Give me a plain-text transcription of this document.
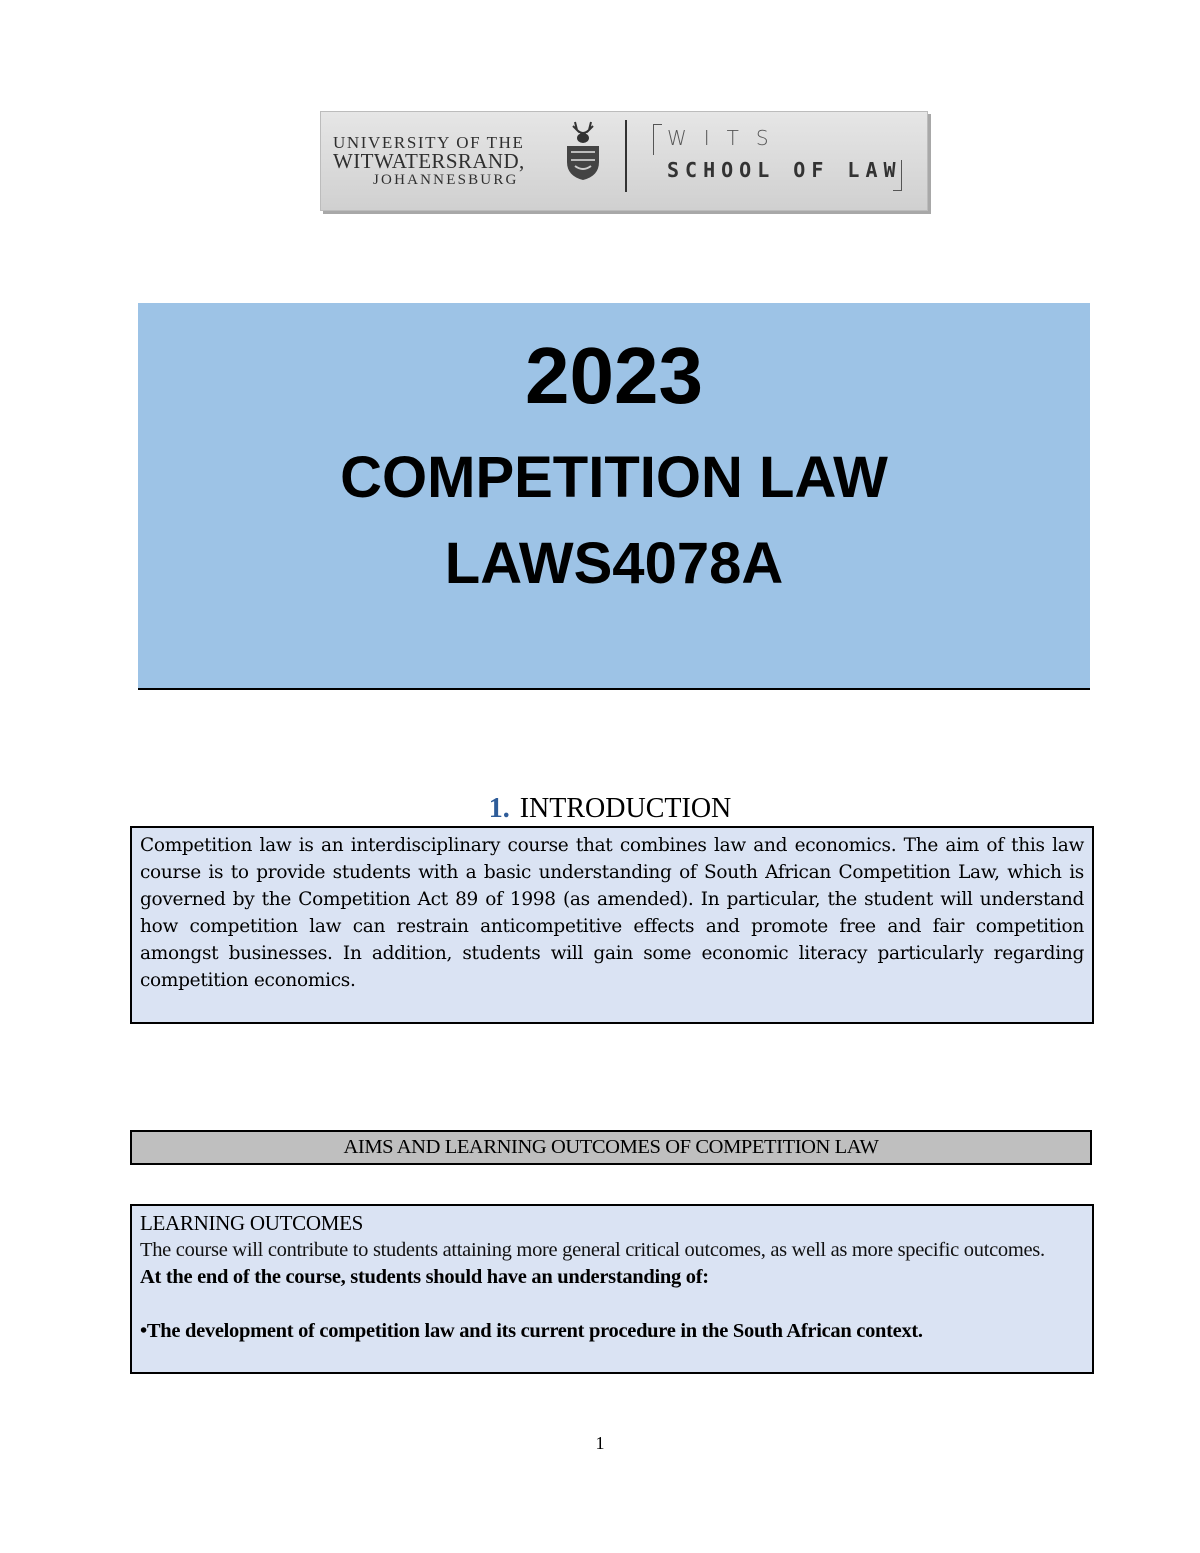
UNIVERSITY OF THE
WITWATERSRAND,
JOHANNESBURG
WITS
SCHOOL OF LAW
2023
COMPETITION LAW
LAWS4078A
1. INTRODUCTION
Competition law is an interdisciplinary course that combines law and economics. The aim of this law course is to provide students with a basic understanding of South African Competition Law, which is governed by the Competition Act 89 of 1998 (as amended). In particular, the student will understand how competition law can restrain anticompetitive effects and promote free and fair competition amongst businesses. In addition, students will gain some economic literacy particularly regarding competition economics.
AIMS AND LEARNING OUTCOMES OF COMPETITION LAW
LEARNING OUTCOMES
The course will contribute to students attaining more general critical outcomes, as well as more specific outcomes.
At the end of the course, students should have an understanding of:
•The development of competition law and its current procedure in the South African context.
1
